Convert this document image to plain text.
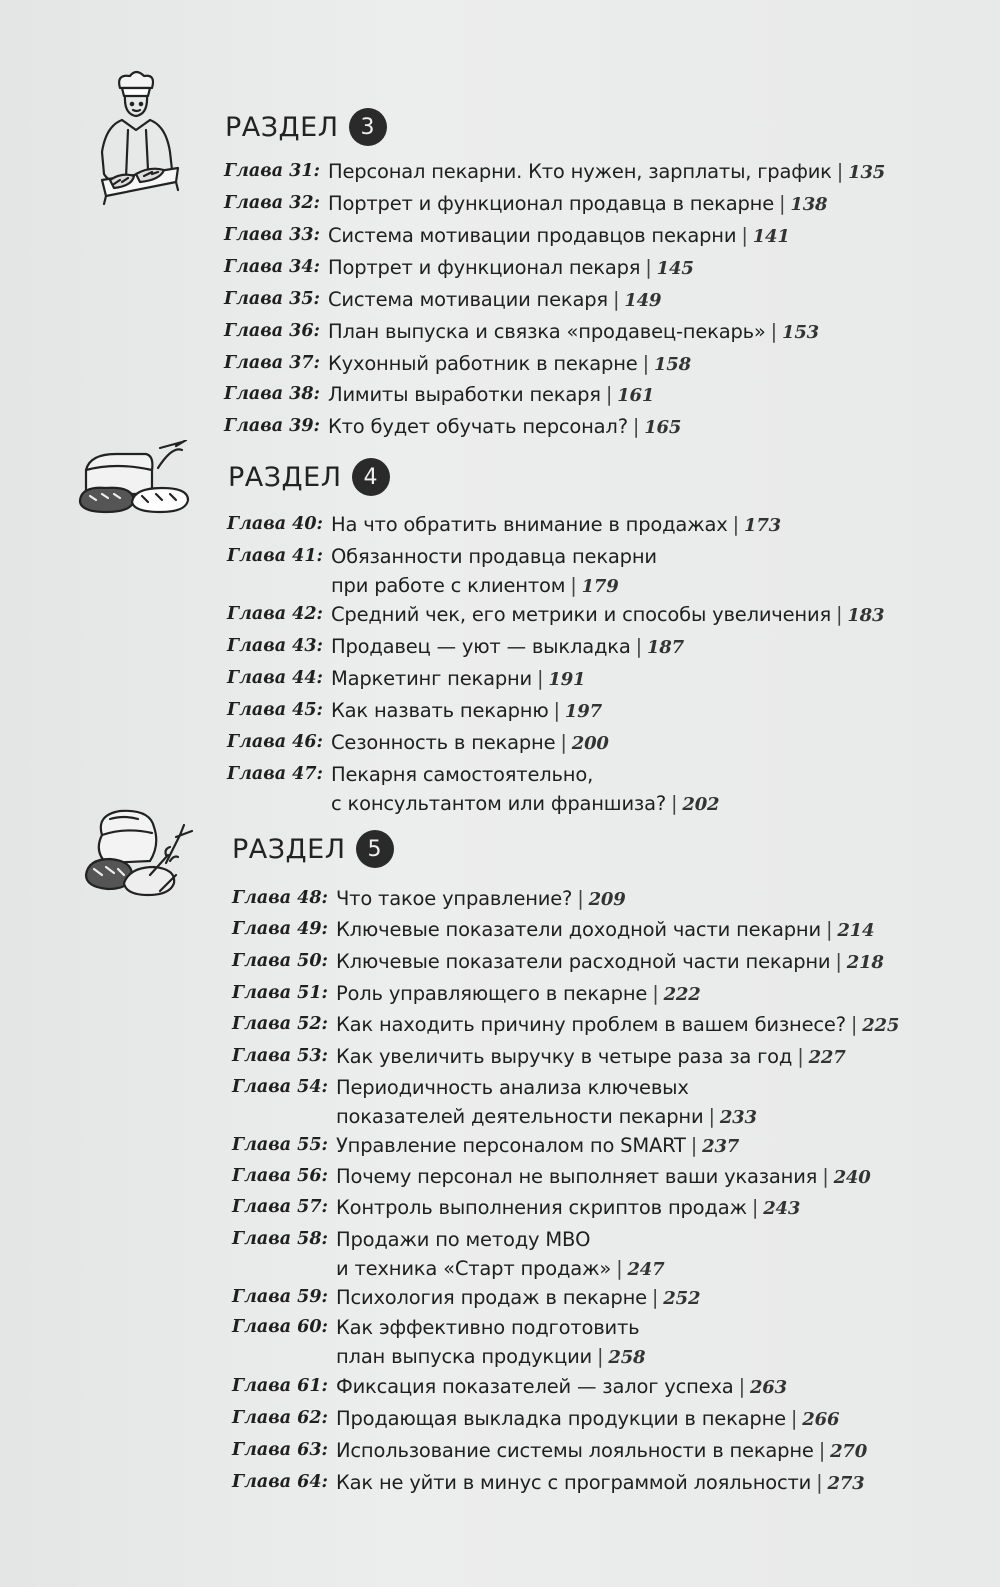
РАЗДЕЛ	3
Глава 31: Персонал пекарни. Кто нужен, зарплаты, график | 135
Глава 32: Портрет и функционал продавца в пекарне | 138
Глава 33: Система мотивации продавцов пекарни | 141
Глава 34: Портрет и функционал пекаря | 145
Глава 35: Система мотивации пекаря | 149
Глава 36: План выпуска и связка «продавец-пекарь» | 153
Глава 37: Кухонный работник в пекарне | 158
Глава 38: Лимиты выработки пекаря | 161
Глава 39: Кто будет обучать персонал? | 165
РАЗДЕЛ	4
Глава 40: На что обратить внимание в продажах | 173
Глава 41: Обязанности продавца пекарни
при работе с клиентом | 179
Глава 42: Средний чек, его метрики и способы увеличения | 183
Глава 43: Продавец — уют — выкладка | 187
Глава 44: Маркетинг пекарни | 191
Глава 45: Как назвать пекарню | 197
Глава 46: Сезонность в пекарне | 200
Глава 47: Пекарня самостоятельно,
с консультантом или франшиза? | 202
РАЗДЕЛ	5
Глава 48: Что такое управление? | 209
Глава 49: Ключевые показатели доходной части пекарни | 214
Глава 50: Ключевые показатели расходной части пекарни | 218
Глава 51: Роль управляющего в пекарне | 222
Глава 52: Как находить причину проблем в вашем бизнесе? | 225
Глава 53: Как увеличить выручку в четыре раза за год | 227
Глава 54: Периодичность анализа ключевых
показателей деятельности пекарни | 233
Глава 55: Управление персоналом по SMART | 237
Глава 56: Почему персонал не выполняет ваши указания | 240
Глава 57: Контроль выполнения скриптов продаж | 243
Глава 58: Продажи по методу МВО
и техника «Старт продаж» | 247
Глава 59: Психология продаж в пекарне | 252
Глава 60: Как эффективно подготовить
план выпуска продукции | 258
Глава 61: Фиксация показателей — залог успеха | 263
Глава 62: Продающая выкладка продукции в пекарне | 266
Глава 63: Использование системы лояльности в пекарне | 270
Глава 64: Как не уйти в минус с программой лояльности | 273
